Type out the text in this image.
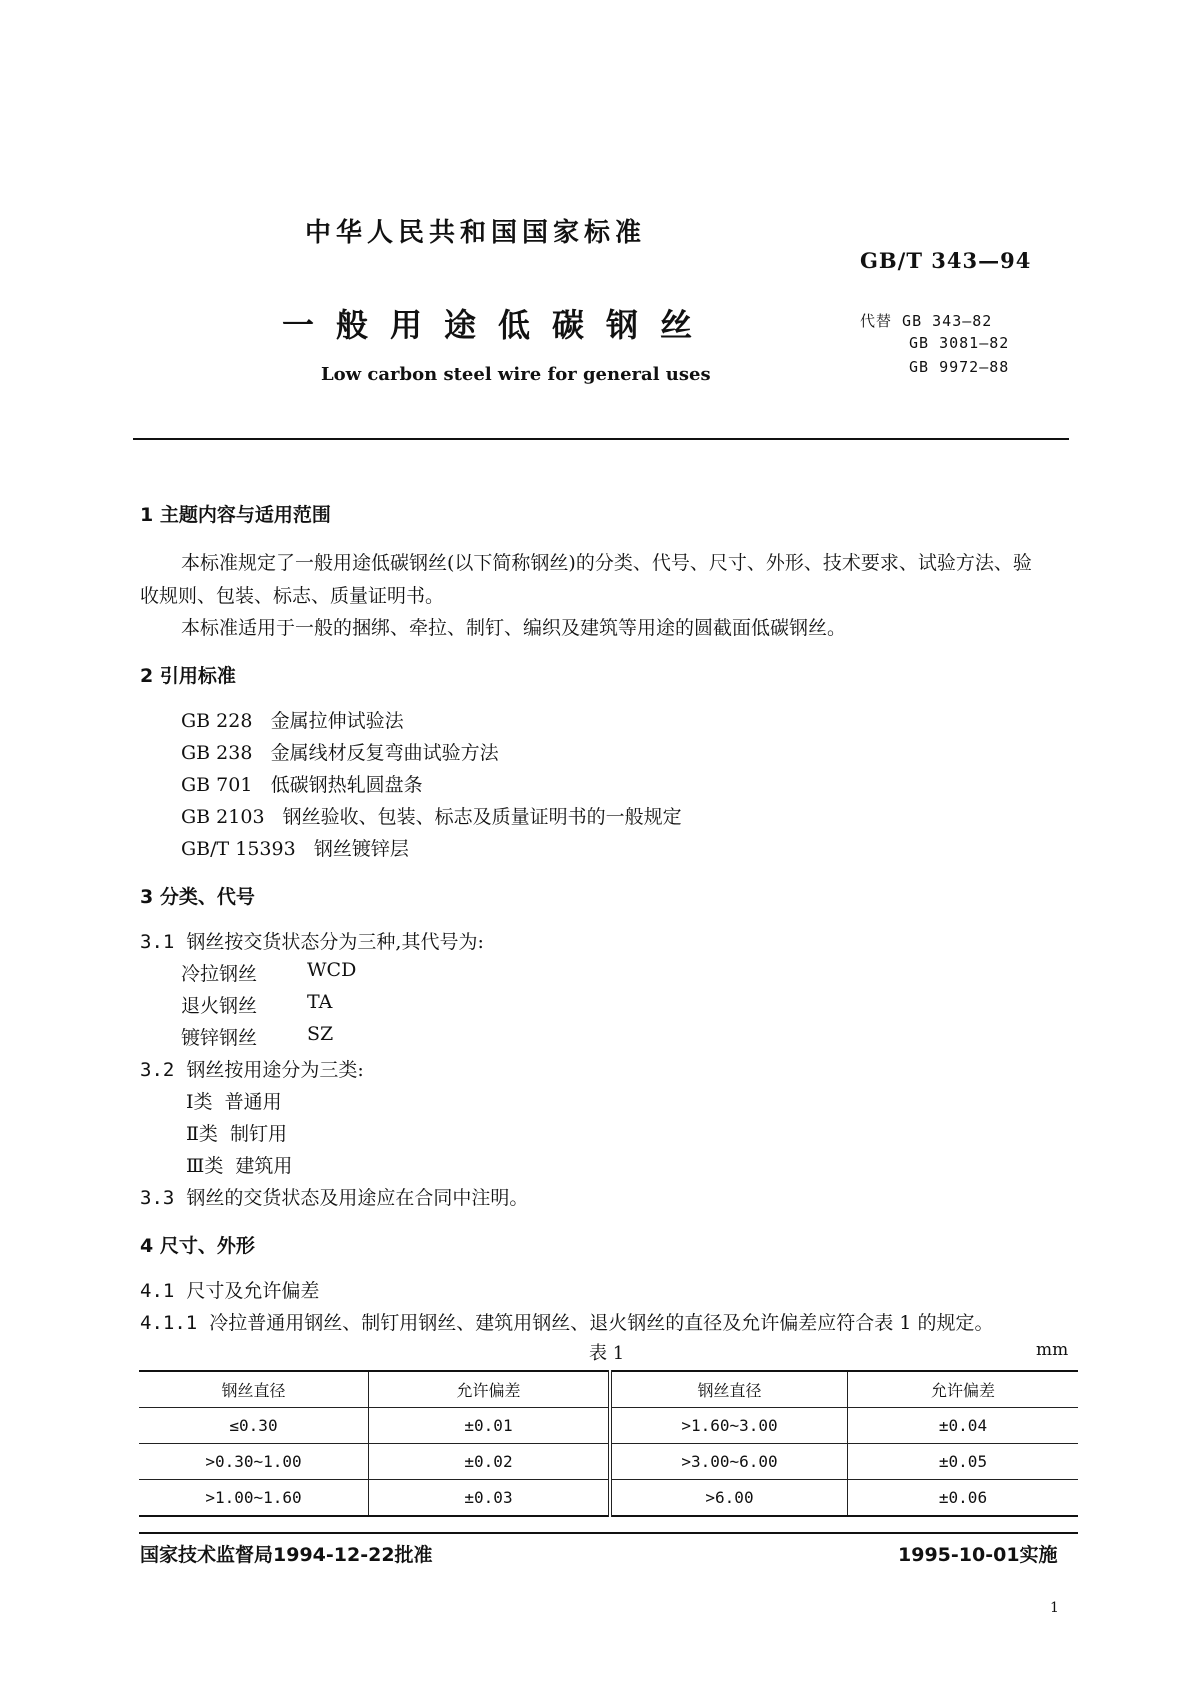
中华人民共和国国家标准
GB/T 343—94
一般用途低碳钢丝
Low carbon steel wire for general uses
代替 GB 343—82
GB 3081—82
GB 9972—88
1 主题内容与适用范围
本标准规定了一般用途低碳钢丝(以下简称钢丝)的分类、代号、尺寸、外形、技术要求、试验方法、验
收规则、包装、标志、质量证明书。
本标准适用于一般的捆绑、牵拉、制钉、编织及建筑等用途的圆截面低碳钢丝。
2 引用标准
GB 228 金属拉伸试验法
GB 238 金属线材反复弯曲试验方法
GB 701 低碳钢热轧圆盘条
GB 2103 钢丝验收、包装、标志及质量证明书的一般规定
GB/T 15393 钢丝镀锌层
3 分类、代号
3.1 钢丝按交货状态分为三种,其代号为:
冷拉钢丝	WCD
退火钢丝	TA
镀锌钢丝	SZ
3.2 钢丝按用途分为三类:
Ⅰ类 普通用
Ⅱ类 制钉用
Ⅲ类 建筑用
3.3 钢丝的交货状态及用途应在合同中注明。
4 尺寸、外形
4.1 尺寸及允许偏差
4.1.1 冷拉普通用钢丝、制钉用钢丝、建筑用钢丝、退火钢丝的直径及允许偏差应符合表 1 的规定。
表 1	mm
钢丝直径	允许偏差	钢丝直径	允许偏差
≤0.30	±0.01	>1.60~3.00	±0.04
>0.30~1.00	±0.02	>3.00~6.00	±0.05
>1.00~1.60	±0.03	>6.00	±0.06
国家技术监督局1994-12-22批准	1995-10-01实施
1
